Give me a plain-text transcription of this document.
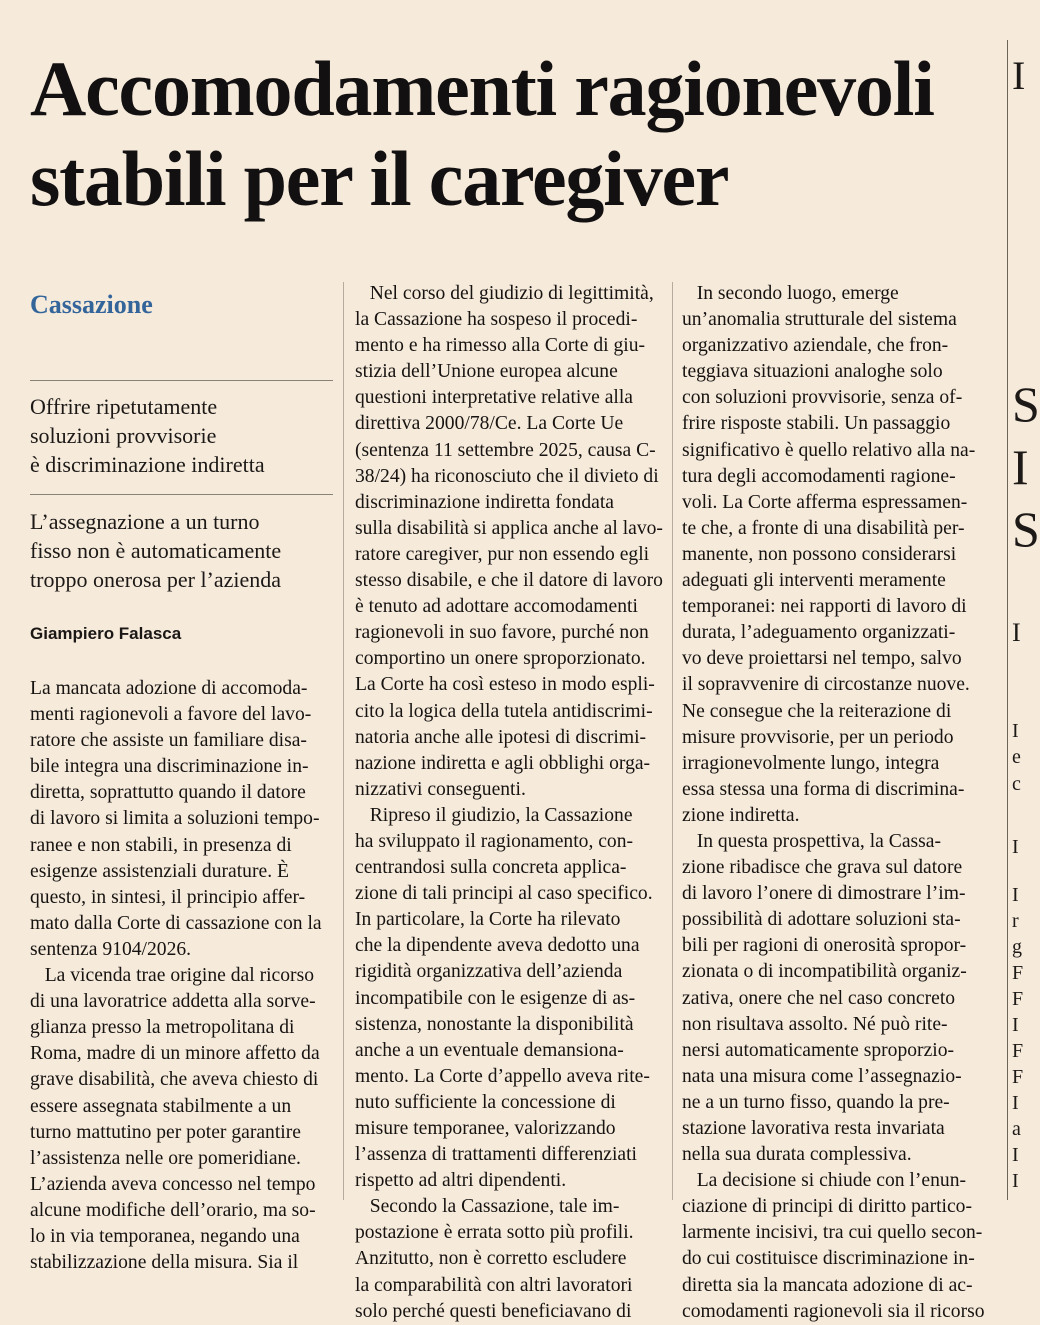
Accomodamenti ragionevoli
stabili per il caregiver
I
S
I
S
I
I
e
c
I
I
r
g
F
F
I
F
F
I
a
I
I

Cassazione

Offrire ripetutamente
soluzioni provvisorie
è discriminazione indiretta

L’assegnazione a un turno
fisso non è automaticamente
troppo onerosa per l’azienda

Giampiero Falasca

La mancata adozione di accomoda-
menti ragionevoli a favore del lavo-
ratore che assiste un familiare disa-
bile integra una discriminazione in-
diretta, soprattutto quando il datore
di lavoro si limita a soluzioni tempo-
ranee e non stabili, in presenza di
esigenze assistenziali durature. È
questo, in sintesi, il principio affer-
mato dalla Corte di cassazione con la
sentenza 9104/2026.
La vicenda trae origine dal ricorso
di una lavoratrice addetta alla sorve-
glianza presso la metropolitana di
Roma, madre di un minore affetto da
grave disabilità, che aveva chiesto di
essere assegnata stabilmente a un
turno mattutino per poter garantire
l’assistenza nelle ore pomeridiane.
L’azienda aveva concesso nel tempo
alcune modifiche dell’orario, ma so-
lo in via temporanea, negando una
stabilizzazione della misura. Sia il
Nel corso del giudizio di legittimità,
la Cassazione ha sospeso il procedi-
mento e ha rimesso alla Corte di giu-
stizia dell’Unione europea alcune
questioni interpretative relative alla
direttiva 2000/78/Ce. La Corte Ue
(sentenza 11 settembre 2025, causa C-
38/24) ha riconosciuto che il divieto di
discriminazione indiretta fondata
sulla disabilità si applica anche al lavo-
ratore caregiver, pur non essendo egli
stesso disabile, e che il datore di lavoro
è tenuto ad adottare accomodamenti
ragionevoli in suo favore, purché non
comportino un onere sproporzionato.
La Corte ha così esteso in modo espli-
cito la logica della tutela antidiscrimi-
natoria anche alle ipotesi di discrimi-
nazione indiretta e agli obblighi orga-
nizzativi conseguenti.
Ripreso il giudizio, la Cassazione
ha sviluppato il ragionamento, con-
centrandosi sulla concreta applica-
zione di tali principi al caso specifico.
In particolare, la Corte ha rilevato
che la dipendente aveva dedotto una
rigidità organizzativa dell’azienda
incompatibile con le esigenze di as-
sistenza, nonostante la disponibilità
anche a un eventuale demansiona-
mento. La Corte d’appello aveva rite-
nuto sufficiente la concessione di
misure temporanee, valorizzando
l’assenza di trattamenti differenziati
rispetto ad altri dipendenti.
Secondo la Cassazione, tale im-
postazione è errata sotto più profili.
Anzitutto, non è corretto escludere
la comparabilità con altri lavoratori
solo perché questi beneficiavano di
In secondo luogo, emerge
un’anomalia strutturale del sistema
organizzativo aziendale, che fron-
teggiava situazioni analoghe solo
con soluzioni provvisorie, senza of-
frire risposte stabili. Un passaggio
significativo è quello relativo alla na-
tura degli accomodamenti ragione-
voli. La Corte afferma espressamen-
te che, a fronte di una disabilità per-
manente, non possono considerarsi
adeguati gli interventi meramente
temporanei: nei rapporti di lavoro di
durata, l’adeguamento organizzati-
vo deve proiettarsi nel tempo, salvo
il sopravvenire di circostanze nuove.
Ne consegue che la reiterazione di
misure provvisorie, per un periodo
irragionevolmente lungo, integra
essa stessa una forma di discrimina-
zione indiretta.
In questa prospettiva, la Cassa-
zione ribadisce che grava sul datore
di lavoro l’onere di dimostrare l’im-
possibilità di adottare soluzioni sta-
bili per ragioni di onerosità spropor-
zionata o di incompatibilità organiz-
zativa, onere che nel caso concreto
non risultava assolto. Né può rite-
nersi automaticamente sproporzio-
nata una misura come l’assegnazio-
ne a un turno fisso, quando la pre-
stazione lavorativa resta invariata
nella sua durata complessiva.
La decisione si chiude con l’enun-
ciazione di principi di diritto partico-
larmente incisivi, tra cui quello secon-
do cui costituisce discriminazione in-
diretta sia la mancata adozione di ac-
comodamenti ragionevoli sia il ricorso
